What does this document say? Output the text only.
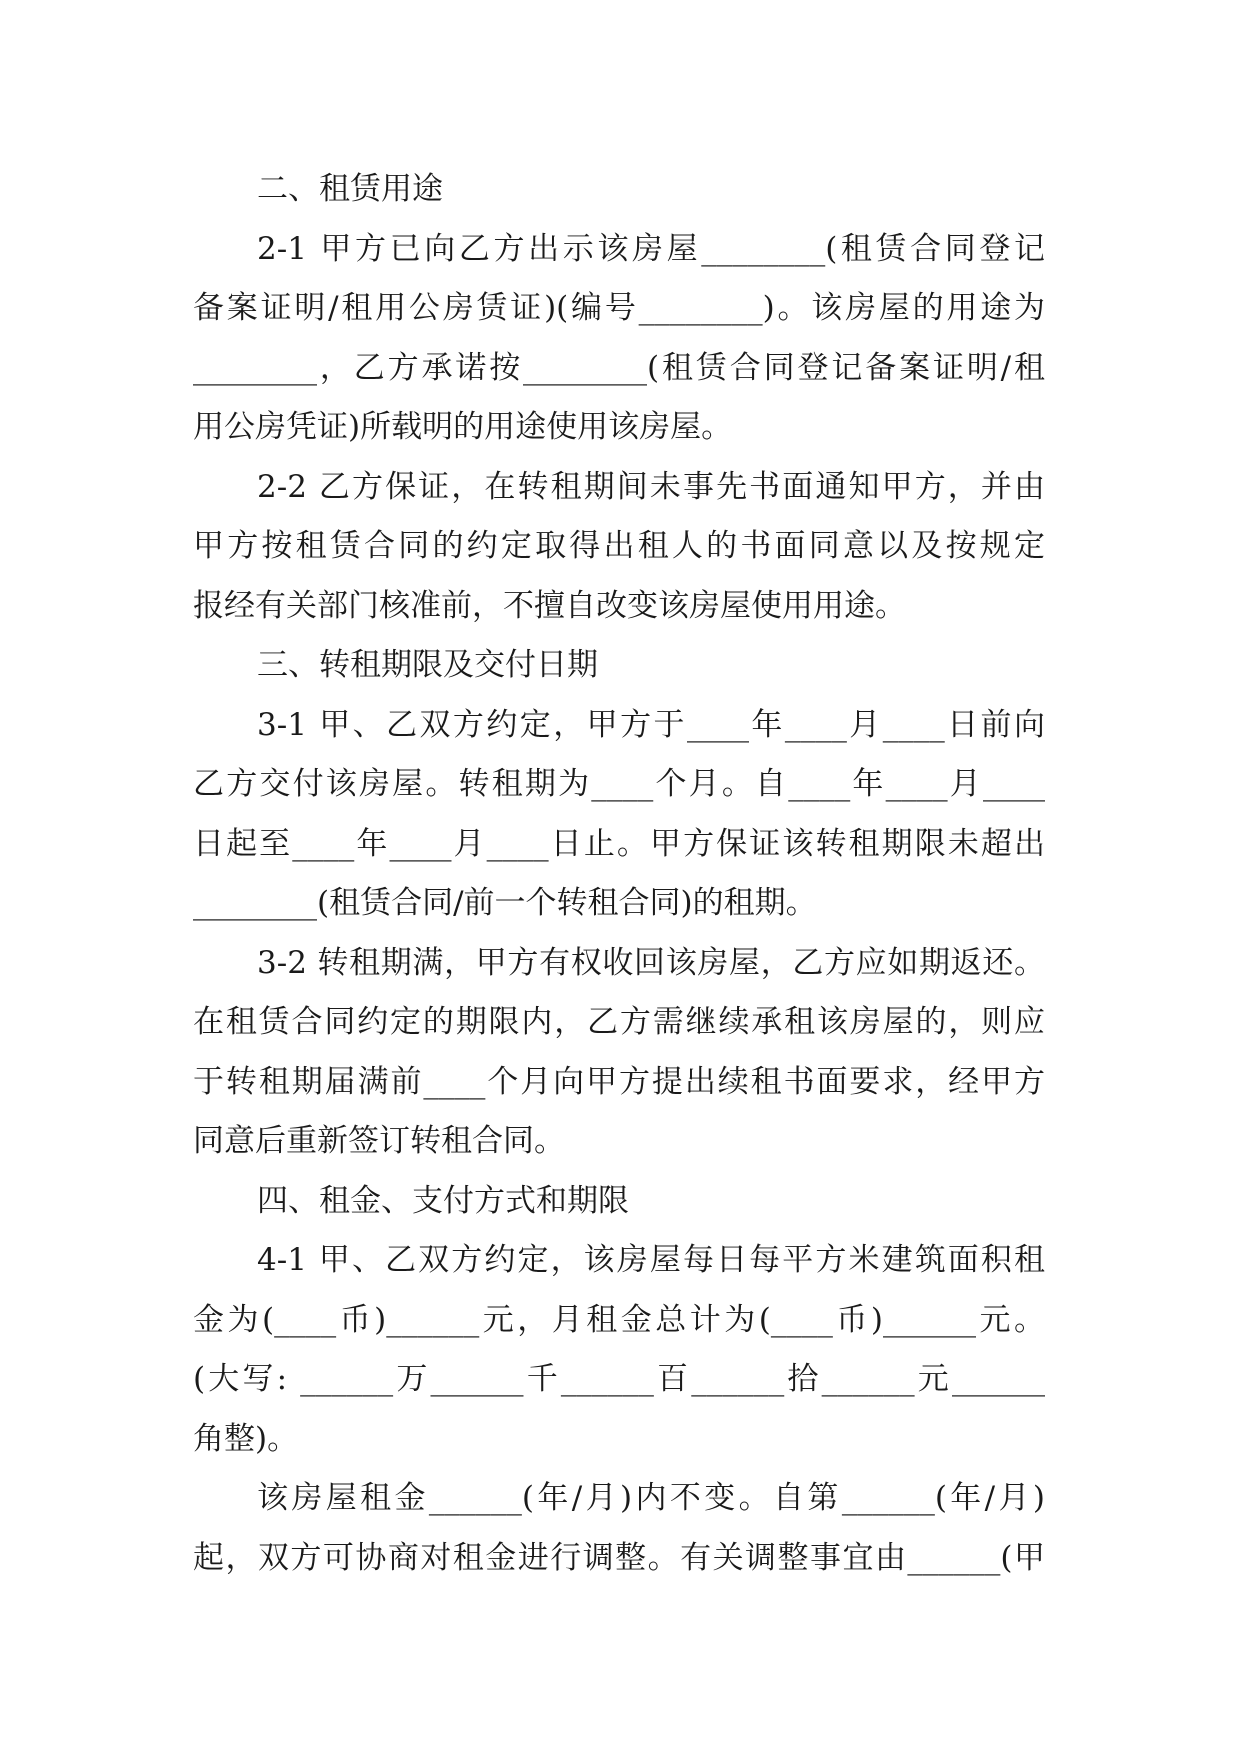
二、租赁用途
2-1 甲方已向乙方出示该房屋________(租赁合同登记
备案证明/租用公房赁证)(编号________)。该房屋的用途为
________，乙方承诺按________(租赁合同登记备案证明/租
用公房凭证)所载明的用途使用该房屋。
2-2 乙方保证，在转租期间未事先书面通知甲方，并由
甲方按租赁合同的约定取得出租人的书面同意以及按规定
报经有关部门核准前，不擅自改变该房屋使用用途。
三、转租期限及交付日期
3-1 甲、乙双方约定，甲方于____年____月____日前向
乙方交付该房屋。转租期为____个月。自____年____月____
日起至____年____月____日止。甲方保证该转租期限未超出
________(租赁合同/前一个转租合同)的租期。
3-2 转租期满，甲方有权收回该房屋，乙方应如期返还。
在租赁合同约定的期限内，乙方需继续承租该房屋的，则应
于转租期届满前____个月向甲方提出续租书面要求，经甲方
同意后重新签订转租合同。
四、租金、支付方式和期限
4-1 甲、乙双方约定，该房屋每日每平方米建筑面积租
金为(____币)______元，月租金总计为(____币)______元。
(大写: ______万______千______百______拾______元______
角整)。
该房屋租金______(年/月)内不变。自第______(年/月)
起，双方可协商对租金进行调整。有关调整事宜由______(甲
